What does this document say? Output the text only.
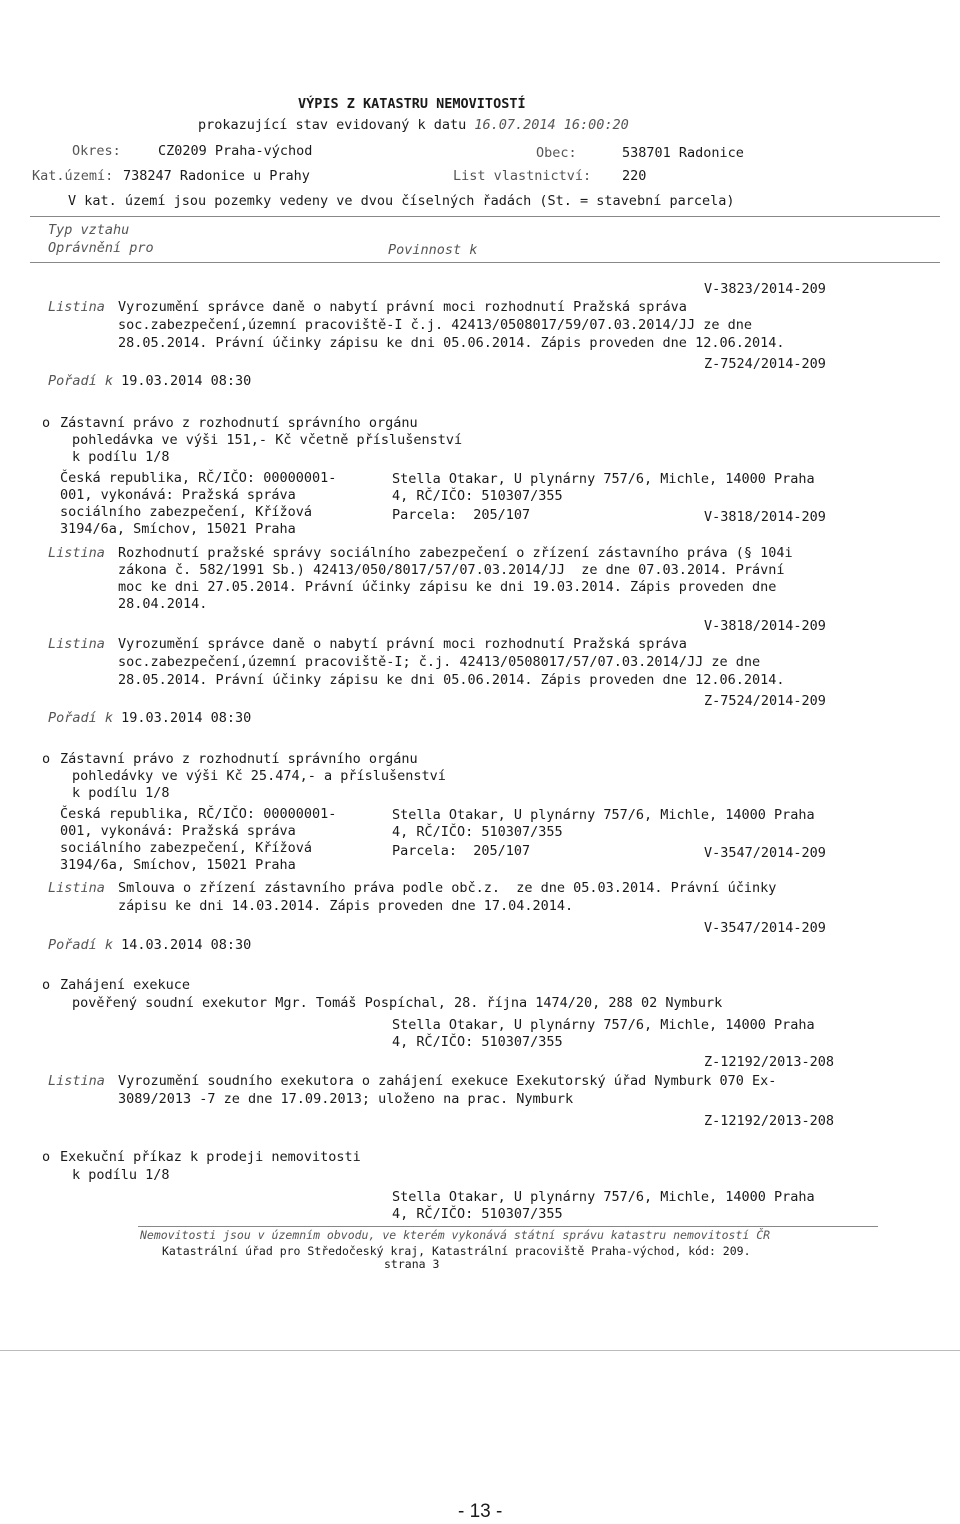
VÝPIS Z KATASTRU NEMOVITOSTÍ
prokazující stav evidovaný k datu 16.07.2014 16:00:20
Okres:	CZ0209 Praha-východ	Obec:	538701 Radonice
Kat.území: 738247 Radonice u Prahy	List vlastnictví: 220
V kat. území jsou pozemky vedeny ve dvou číselných řadách (St. = stavební parcela)
Typ vztahu
Oprávnění pro	Povinnost k
V-3823/2014-209
Listina Vyrozumění správce daně o nabytí právní moci rozhodnutí Pražská správa
soc.zabezpečení,územní pracoviště-I č.j. 42413/0508017/59/07.03.2014/JJ ze dne
28.05.2014. Právní účinky zápisu ke dni 05.06.2014. Zápis proveden dne 12.06.2014.
Z-7524/2014-209
Pořadí k 19.03.2014 08:30
o Zástavní právo z rozhodnutí správního orgánu
pohledávka ve výši 151,- Kč včetně příslušenství
k podílu 1/8
Česká republika, RČ/IČO: 00000001-
001, vykonává: Pražská správa
sociálního zabezpečení, Křížová
3194/6a, Smíchov, 15021 Praha
Stella Otakar, U plynárny 757/6, Michle, 14000 Praha
4, RČ/IČO: 510307/355
Parcela:  205/107	V-3818/2014-209
Listina Rozhodnutí pražské správy sociálního zabezpečení o zřízení zástavního práva (§ 104i
zákona č. 582/1991 Sb.) 42413/050/8017/57/07.03.2014/JJ  ze dne 07.03.2014. Právní
moc ke dni 27.05.2014. Právní účinky zápisu ke dni 19.03.2014. Zápis proveden dne
28.04.2014.
V-3818/2014-209
Listina Vyrozumění správce daně o nabytí právní moci rozhodnutí Pražská správa
soc.zabezpečení,územní pracoviště-I; č.j. 42413/0508017/57/07.03.2014/JJ ze dne
28.05.2014. Právní účinky zápisu ke dni 05.06.2014. Zápis proveden dne 12.06.2014.
Z-7524/2014-209
Pořadí k 19.03.2014 08:30
o Zástavní právo z rozhodnutí správního orgánu
pohledávky ve výši Kč 25.474,- a příslušenství
k podílu 1/8
Česká republika, RČ/IČO: 00000001-
001, vykonává: Pražská správa
sociálního zabezpečení, Křížová
3194/6a, Smíchov, 15021 Praha
Stella Otakar, U plynárny 757/6, Michle, 14000 Praha
4, RČ/IČO: 510307/355
Parcela:  205/107	V-3547/2014-209
Listina Smlouva o zřízení zástavního práva podle obč.z.  ze dne 05.03.2014. Právní účinky
zápisu ke dni 14.03.2014. Zápis proveden dne 17.04.2014.
V-3547/2014-209
Pořadí k 14.03.2014 08:30
o Zahájení exekuce
pověřený soudní exekutor Mgr. Tomáš Pospíchal, 28. října 1474/20, 288 02 Nymburk
Stella Otakar, U plynárny 757/6, Michle, 14000 Praha
4, RČ/IČO: 510307/355
Z-12192/2013-208
Listina Vyrozumění soudního exekutora o zahájení exekuce Exekutorský úřad Nymburk 070 Ex-
3089/2013 -7 ze dne 17.09.2013; uloženo na prac. Nymburk
Z-12192/2013-208
o Exekuční příkaz k prodeji nemovitosti
k podílu 1/8
Stella Otakar, U plynárny 757/6, Michle, 14000 Praha
4, RČ/IČO: 510307/355
Nemovitosti jsou v územním obvodu, ve kterém vykonává státní správu katastru nemovitostí ČR
Katastrální úřad pro Středočeský kraj, Katastrální pracoviště Praha-východ, kód: 209.
strana 3
- 13 -
